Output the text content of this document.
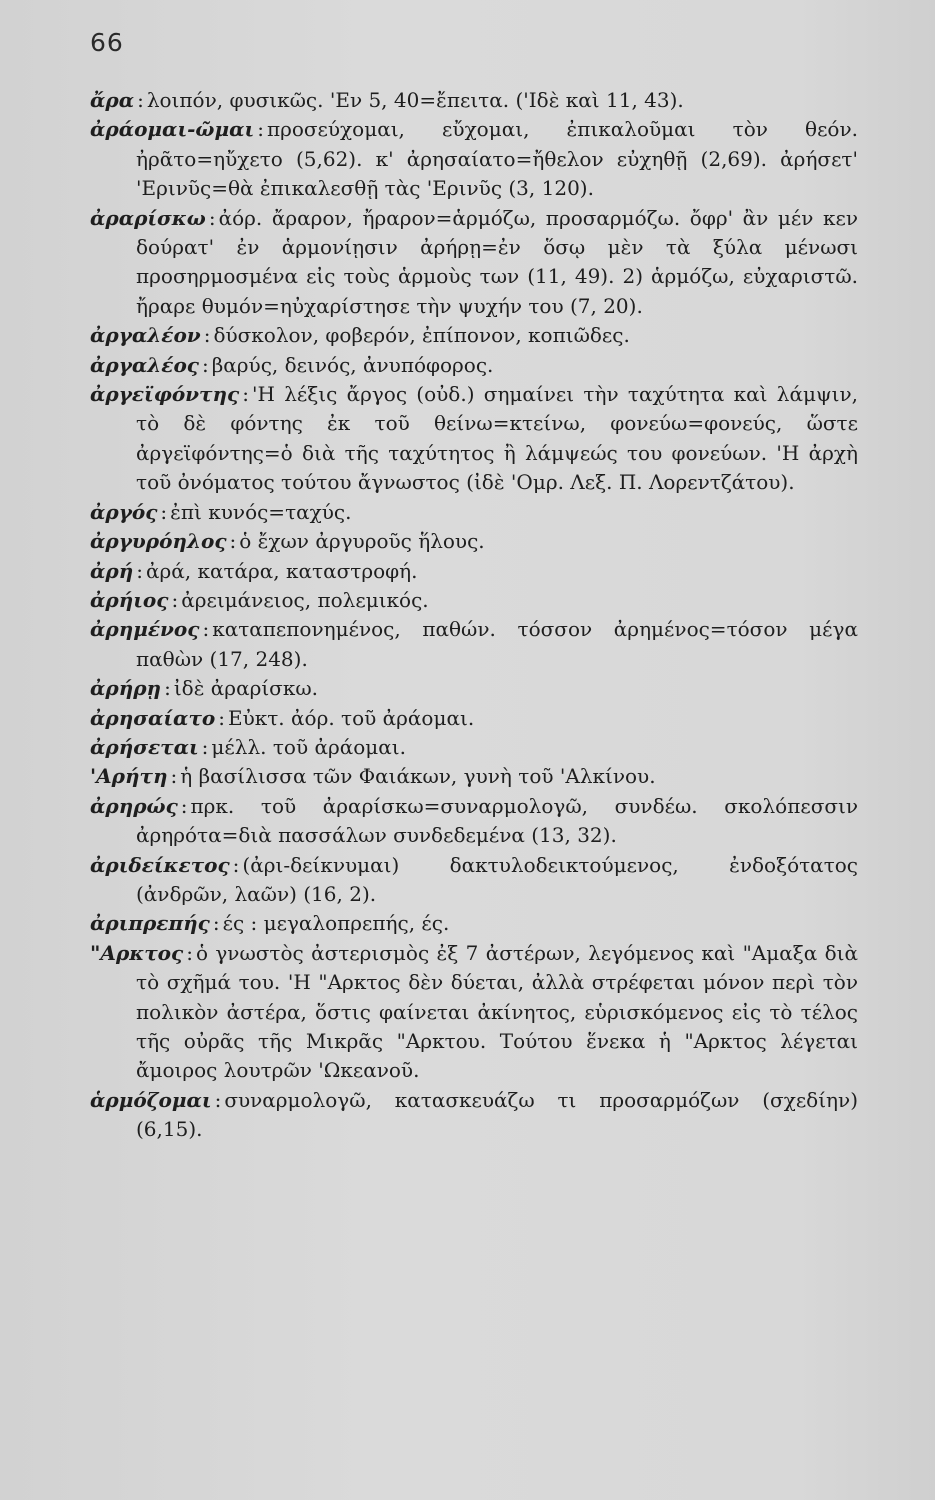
66
ἄρα : λοιπόν, φυσικῶς. 'Εν 5, 40=ἔπειτα. ('Ιδὲ καὶ 11, 43).
ἀράομαι-ῶμαι : προσεύχομαι, εὔχομαι, ἐπικαλοῦμαι τὸν θεόν. ἠρᾶτο=ηὔχετο (5,62). κ' ἀρησαίατο=ἤθελον εὐχηθῇ (2,69). ἀρήσετ' 'Ερινῦς=θὰ ἐπικαλεσθῇ τὰς 'Ερινῦς (3, 120).
ἀραρίσκω : ἀόρ. ἄραρον, ἤραρον=ἁρμόζω, προσαρμόζω. ὄφρ' ἂν μέν κεν δούρατ' ἐν ἁρμονίῃσιν ἀρήρῃ=ἐν ὅσῳ μὲν τὰ ξύλα μένωσι προσηρμοσμένα εἰς τοὺς ἁρμοὺς των (11, 49). 2) ἁρμόζω, εὐχαριστῶ. ἤραρε θυμόν=ηὐχαρίστησε τὴν ψυχήν του (7, 20).
ἀργαλέον : δύσκολον, φοβερόν, ἐπίπονον, κοπιῶδες.
ἀργαλέος : βαρύς, δεινός, ἀνυπόφορος.
ἀργεϊφόντης : 'Η λέξις ἄργος (οὐδ.) σημαίνει τὴν ταχύτητα καὶ λάμψιν, τὸ δὲ φόντης ἐκ τοῦ θείνω=κτείνω, φονεύω=φονεύς, ὥστε ἀργεϊφόντης=ὁ διὰ τῆς ταχύτητος ἢ λάμψεώς του φονεύων. 'Η ἀρχὴ τοῦ ὀνόματος τούτου ἄγνωστος (ἰδὲ 'Ομρ. Λεξ. Π. Λορεντζάτου).
ἀργός : ἐπὶ κυνός=ταχύς.
ἀργυρόηλος : ὁ ἔχων ἀργυροῦς ἥλους.
ἀρή : ἀρά, κατάρα, καταστροφή.
ἀρήιος : ἀρειμάνειος, πολεμικός.
ἀρημένος : καταπεπονημένος, παθών. τόσσον ἀρημένος=τόσον μέγα παθὼν (17, 248).
ἀρήρῃ : ἰδὲ ἀραρίσκω.
ἀρησαίατο : Εὐκτ. ἀόρ. τοῦ ἀράομαι.
ἀρήσεται : μέλλ. τοῦ ἀράομαι.
'Αρήτη : ἡ βασίλισσα τῶν Φαιάκων, γυνὴ τοῦ 'Αλκίνου.
ἀρηρώς : πρκ. τοῦ ἀραρίσκω=συναρμολογῶ, συνδέω. σκολόπεσσιν ἀρηρότα=διὰ πασσάλων συνδεδεμένα (13, 32).
ἀριδείκετος : (ἀρι-δείκνυμαι) δακτυλοδεικτούμενος, ἐνδοξότατος (ἀνδρῶν, λαῶν) (16, 2).
ἀριπρεπής : ές : μεγαλοπρεπής, ές.
"Αρκτος : ὁ γνωστὸς ἀστερισμὸς ἐξ 7 ἀστέρων, λεγόμενος καὶ "Αμαξα διὰ τὸ σχῆμά του. 'Η "Αρκτος δὲν δύεται, ἀλλὰ στρέφεται μόνον περὶ τὸν πολικὸν ἀστέρα, ὅστις φαίνεται ἀκίνητος, εὑρισκόμενος εἰς τὸ τέλος τῆς οὐρᾶς τῆς Μικρᾶς "Αρκτου. Τούτου ἕνεκα ἡ "Αρκτος λέγεται ἄμοιρος λουτρῶν 'Ωκεανοῦ.
ἁρμόζομαι : συναρμολογῶ, κατασκευάζω τι προσαρμόζων (σχεδίην) (6,15).
